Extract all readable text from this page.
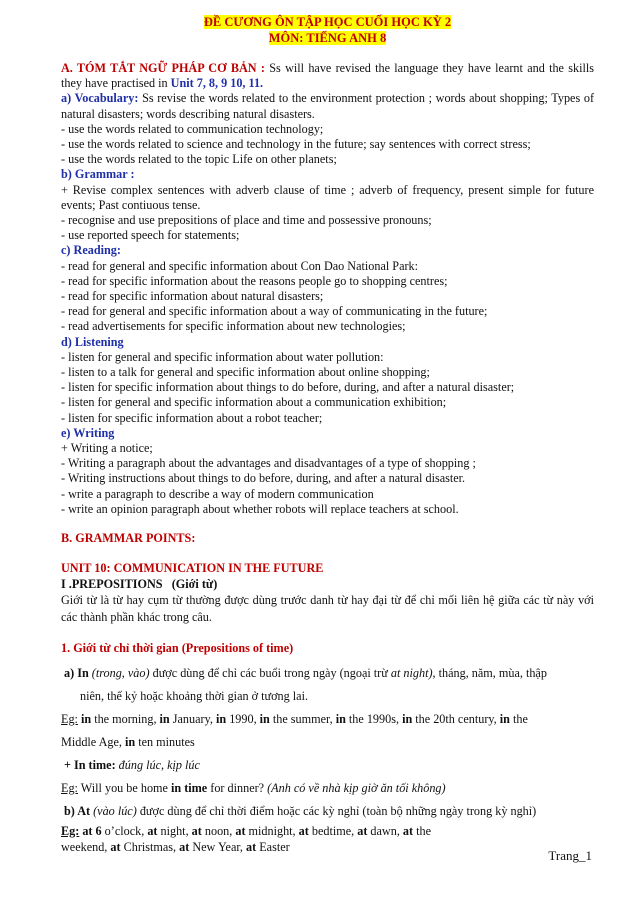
ĐỀ CƯƠNG ÔN TẬP HỌC CUỐI HỌC KỲ 2
MÔN: TIẾNG ANH 8

A. TÓM TẮT NGỮ PHÁP CƠ BẢN : Ss will have revised the language they have learnt and the skills they have practised in Unit 7, 8, 9 10, 11.

a) Vocabulary: Ss revise the words related to the environment protection ; words about shopping; Types of natural disasters; words describing natural disasters.

- use the words related to communication technology;

- use the words related to science and technology in the future; say sentences with correct stress;

- use the words related to the topic Life on other planets;

b) Grammar :

+ Revise complex sentences with adverb clause of time ; adverb of frequency, present simple for future events; Past contiuous tense.

- recognise and use prepositions of place and time and possessive pronouns;

- use reported speech for statements;

c) Reading:

- read for general and specific information about Con Dao National Park:

- read for specific information about the reasons people go to shopping centres;

- read for specific information about natural disasters;

- read for general and specific information about a way of communicating in the future;

- read advertisements for specific information about new technologies;

d) Listening

- listen for general and specific information about water pollution:

- listen to a talk for general and specific information about online shopping;

- listen for specific information about things to do before, during, and after a natural disaster;

- listen for general and specific information about a communication exhibition;

- listen for specific information about a robot teacher;

e) Writing

+ Writing a notice;

- Writing a paragraph about the advantages and disadvantages of a type of shopping ;

- Writing instructions about things to do before, during, and after a natural disaster.

- write a paragraph to describe a way of modern communication

- write an opinion paragraph about whether robots will replace teachers at school.

B. GRAMMAR POINTS:

UNIT 10: COMMUNICATION IN THE FUTURE

I .PREPOSITIONS (Giới từ)

Giới từ là từ hay cụm từ thường được dùng trước danh từ hay đại từ để chỉ mối liên hệ giữa các từ này với các thành phần khác trong câu.

1. Giới từ chỉ thời gian (Prepositions of time)

a) In (trong, vào) được dùng để chỉ các buổi trong ngày (ngoại trừ at night), tháng, năm, mùa, thập

niên, thế kỷ hoặc khoảng thời gian ở tương lai.

Eg: in the morning, in January, in 1990, in the summer, in the 1990s, in the 20th century, in the

Middle Age, in ten minutes

+ In time: đúng lúc, kịp lúc

Eg: Will you be home in time for dinner? (Anh có về nhà kịp giờ ăn tối không)

b) At (vào lúc) được dùng để chỉ thời điểm hoặc các kỳ nghỉ (toàn bộ những ngày trong kỳ nghỉ)

Eg: at 6 o’clock, at night, at noon, at midnight, at bedtime, at dawn, at the

weekend, at Christmas, at New Year, at Easter

Trang_1
